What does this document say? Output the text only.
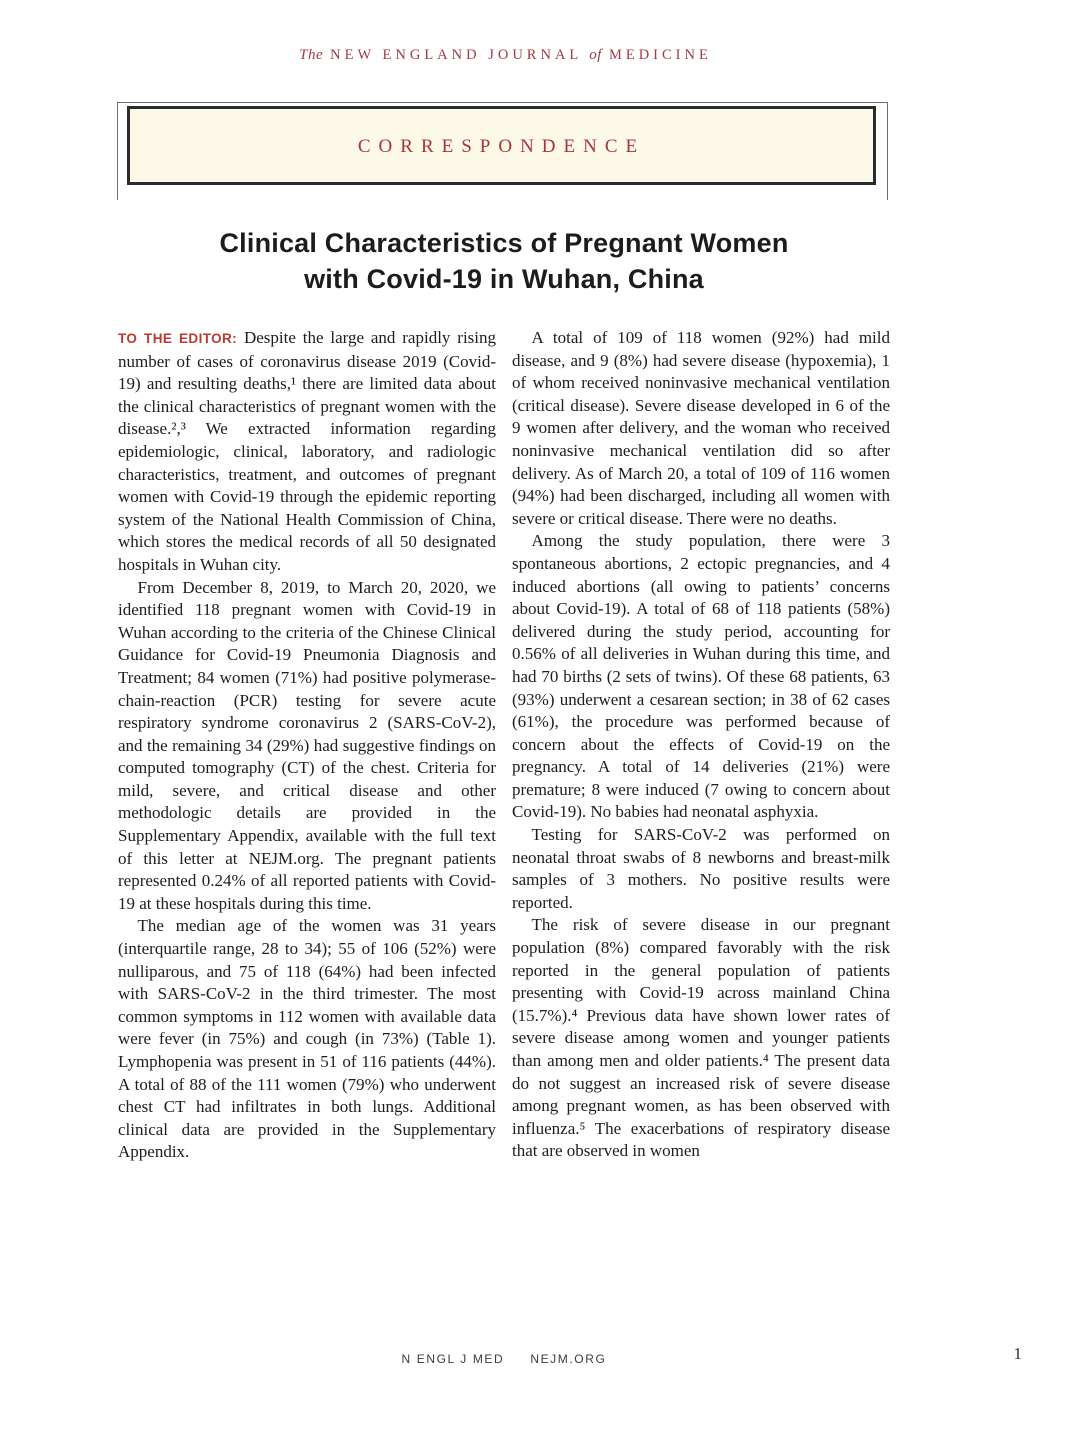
The NEW ENGLAND JOURNAL of MEDICINE
CORRESPONDENCE
Clinical Characteristics of Pregnant Women
with Covid-19 in Wuhan, China

TO THE EDITOR: Despite the large and rapidly rising number of cases of coronavirus disease 2019 (Covid-19) and resulting deaths,¹ there are limited data about the clinical characteristics of pregnant women with the disease.²,³ We extracted information regarding epidemiologic, clinical, laboratory, and radiologic characteristics, treatment, and outcomes of pregnant women with Covid-19 through the epidemic reporting system of the National Health Commission of China, which stores the medical records of all 50 designated hospitals in Wuhan city.

From December 8, 2019, to March 20, 2020, we identified 118 pregnant women with Covid-19 in Wuhan according to the criteria of the Chinese Clinical Guidance for Covid-19 Pneumonia Diagnosis and Treatment; 84 women (71%) had positive polymerase-chain-reaction (PCR) testing for severe acute respiratory syndrome coronavirus 2 (SARS-CoV-2), and the remaining 34 (29%) had suggestive findings on computed tomography (CT) of the chest. Criteria for mild, severe, and critical disease and other methodologic details are provided in the Supplementary Appendix, available with the full text of this letter at NEJM.org. The pregnant patients represented 0.24% of all reported patients with Covid-19 at these hospitals during this time.

The median age of the women was 31 years (interquartile range, 28 to 34); 55 of 106 (52%) were nulliparous, and 75 of 118 (64%) had been infected with SARS-CoV-2 in the third trimester. The most common symptoms in 112 women with available data were fever (in 75%) and cough (in 73%) (Table 1). Lymphopenia was present in 51 of 116 patients (44%). A total of 88 of the 111 women (79%) who underwent chest CT had infiltrates in both lungs. Additional clinical data are provided in the Supplementary Appendix.

A total of 109 of 118 women (92%) had mild disease, and 9 (8%) had severe disease (hypoxemia), 1 of whom received noninvasive mechanical ventilation (critical disease). Severe disease developed in 6 of the 9 women after delivery, and the woman who received noninvasive mechanical ventilation did so after delivery. As of March 20, a total of 109 of 116 women (94%) had been discharged, including all women with severe or critical disease. There were no deaths.

Among the study population, there were 3 spontaneous abortions, 2 ectopic pregnancies, and 4 induced abortions (all owing to patients’ concerns about Covid-19). A total of 68 of 118 patients (58%) delivered during the study period, accounting for 0.56% of all deliveries in Wuhan during this time, and had 70 births (2 sets of twins). Of these 68 patients, 63 (93%) underwent a cesarean section; in 38 of 62 cases (61%), the procedure was performed because of concern about the effects of Covid-19 on the pregnancy. A total of 14 deliveries (21%) were premature; 8 were induced (7 owing to concern about Covid-19). No babies had neonatal asphyxia.

Testing for SARS-CoV-2 was performed on neonatal throat swabs of 8 newborns and breast-milk samples of 3 mothers. No positive results were reported.

The risk of severe disease in our pregnant population (8%) compared favorably with the risk reported in the general population of patients presenting with Covid-19 across mainland China (15.7%).⁴ Previous data have shown lower rates of severe disease among women and younger patients than among men and older patients.⁴ The present data do not suggest an increased risk of severe disease among pregnant women, as has been observed with influenza.⁵ The exacerbations of respiratory disease that are observed in women

N ENGL J MED NEJM.ORG	1
